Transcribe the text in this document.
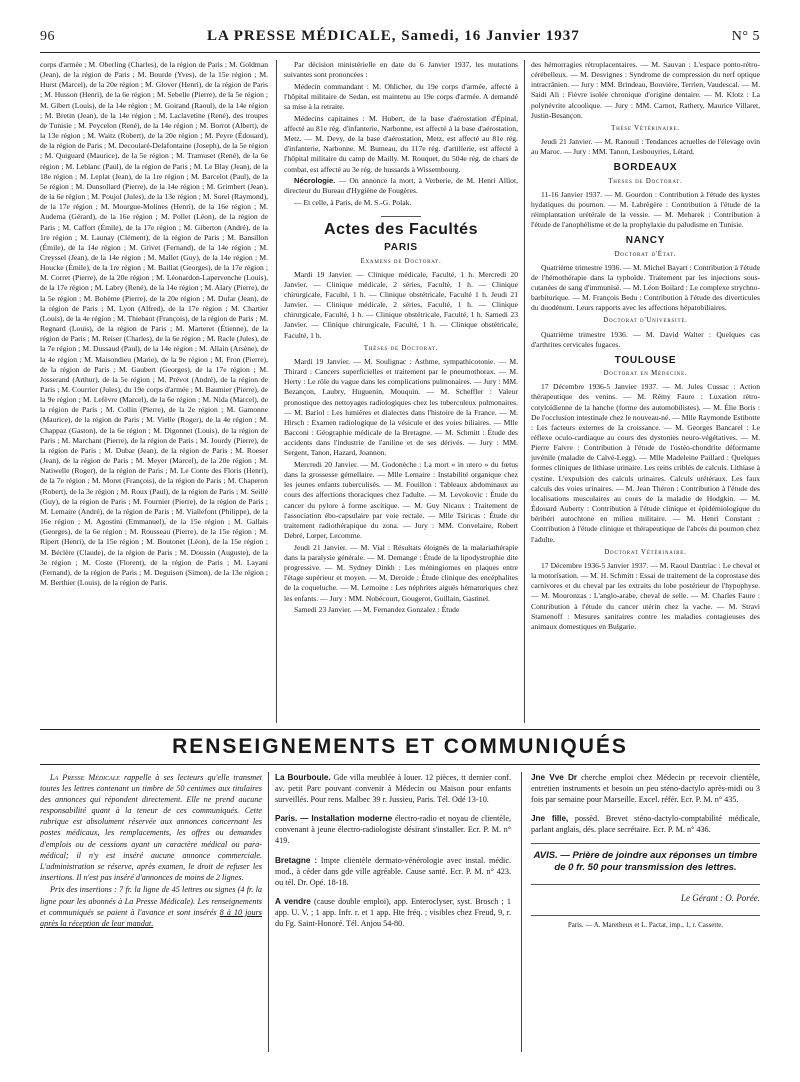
96	LA PRESSE MÉDICALE, Samedi, 16 Janvier 1937	N° 5

corps d'armée ; M. Oberling (Charles), de la région de Paris ; M. Goldman (Jean), de la région de Paris ; M. Bourde (Yves), de la 15e région ; M. Hurst (Marcel), de la 20e région ; M. Glover (Henri), de la région de Paris ; M. Husson (Henri), de la 6e région ; M. Sebelle (Pierre), de la 5e région ; M. Gibert (Louis), de la 14e région ; M. Goirand (Raoul), de la 14e région ; M. Bretin (Jean), de la 14e région ; M. Laclavetine (René), des troupes de Tunisie ; M. Peycelon (René), de la 14e région ; M. Borrot (Albert), de la 13e région ; M. Waitz (Robert), de la 20e région ; M. Peyre (Édouard), de la région de Paris ; M. Decoularé-Delafontaine (Joseph), de la 5e région ; M. Quiguard (Maurice), de la 5e région ; M. Tramuset (René), de la 6e région ; M. Leblanc (Paul), de la région de Paris ; M. Le Blay (Jean), de la 18e région ; M. Leplat (Jean), de la 1re région ; M. Barcelot (Paul), de la 5e région ; M. Dunsollard (Pierre), de la 14e région ; M. Grimbert (Jean), de la 6e région ; M. Poujol (Jules), de la 13e région ; M. Sorel (Raymond), de la 17e région ; M. Mourgue-Molines (Henri), de la 16e région ; M. Audema (Gérard), de la 16e région ; M. Pollet (Léon), de la région de Paris ; M. Caffort (Émile), de la 17e région ; M. Giberton (André), de la 1re région ; M. Launay (Clément), de la région de Paris ; M. Bansillon (Émile), de la 14e région ; M. Grivet (Fernand), de la 14e région ; M. Creyssel (Jean), de la 14e région ; M. Mallet (Guy), de la 14e région ; M. Houcke (Émile), de la 1re région ; M. Baillat (Georges), de la 17e région ; M. Corret (Pierre), de la 20e région ; M. Léonardon-Lapervenche (Louis), de la 17e région ; M. Labry (René), de la 14e région ; M. Alary (Pierre), de la 5e région ; M. Bohème (Pierre), de la 20e région ; M. Dufar (Jean), de la région de Paris ; M. Lyon (Alfred), de la 17e région ; M. Chartier (Louis), de la 4e région ; M. Thiebaut (François), de la région de Paris ; M. Regnard (Louis), de la région de Paris ; M. Marteret (Étienne), de la région de Paris ; M. Reiser (Charles), de la 6e région ; M. Racle (Jules), de la 7e région ; M. Dussaud (Paul), de la 14e région ; M. Allain (Arsène), de la 4e région ; M. Maisondieu (Marie), de la 9e région ; M. Fron (Pierre), de la région de Paris ; M. Gaubert (Georges), de la 17e région ; M. Josserand (Arthur), de la 5e région ; M. Prévot (André), de la région de Paris ; M. Courrier (Jules), du 19e corps d'armée ; M. Baumier (Pierre), de la 9e région ; M. Lefèvre (Marcel), de la 6e région ; M. Nida (Marcel), de la région de Paris ; M. Collin (Pierre), de la 2e région ; M. Gamonne (Maurice), de la région de Paris ; M. Vielle (Roger), de la 4e région ; M. Chappaz (Gaston), de la 6e région ; M. Digonnet (Louis), de la région de Paris ; M. Marchant (Pierre), de la région de Paris ; M. Jourdy (Pierre), de la région de Paris ; M. Dubar (Jean), de la région de Paris ; M. Roeser (Jean), de la région de Paris ; M. Meyer (Marcel), de la 20e région ; M. Natiwelle (Roger), de la région de Paris ; M. Le Conte des Floris (Henri), de la 7e région ; M. Moret (François), de la région de Paris ; M. Chaperon (Robert), de la 3e région ; M. Roux (Paul), de la région de Paris ; M. Seillé (Guy), de la région de Paris ; M. Fournier (Pierre), de la région de Paris ; M. Lemaire (André), de la région de Paris ; M. Viallefont (Philippe), de la 16e région ; M. Agostini (Emmanuel), de la 15e région ; M. Gallais (Georges), de la 6e région ; M. Rousseau (Pierre), de la 15e région ; M. Ripert (Henri), de la 15e région ; M. Boutonet (Léon), de la 15e région ; M. Béclère (Claude), de la région de Paris ; M. Doussin (Auguste), de la 3e région ; M. Coste (Florent), de la région de Paris ; M. Layani (Fernand), de la région de Paris ; M. Deguison (Simon), de la 13e région ; M. Berthier (Louis), de la région de Paris.

Par décision ministérielle en date du 6 Janvier 1937, les mutations suivantes sont prononcées :

Médecin commandant : M. Ohlicher, du 19e corps d'armée, affecté à l'hôpital militaire de Sedan, est maintenu au 19e corps d'armée. A demandé sa mise à la retraite.

Médecins capitaines : M. Hubert, de la base d'aérostation d'Épinal, affecté au 81e rég. d'infanterie, Narbonne, est affecté à la base d'aérostation, Metz. — M. Devy, de la base d'aérostation, Metz, est affecté au 81e rég. d'infanterie, Narbonne. M. Bumeau, du 117e rég. d'artillerie, est affecté à l'hôpital militaire du camp de Mailly. M. Rouquet, du 504e rég. de chars de combat, est affecté au 3e rég. de hussards à Wissembourg.

Nécrologie. — On annonce la mort, à Verberie, de M. Henri Alliot, directeur du Bureau d'Hygiène de Fougères.

— Et celle, à Paris, de M. S.-G. Polak.

Actes des Facultés
PARIS
Examens de Doctorat.

Mardi 19 Janvier. — Clinique médicale, Faculté, 1 h. Mercredi 20 Janvier. — Clinique médicale, 2 séries, Faculté, 1 h. — Clinique chirurgicale, Faculté, 1 h. — Clinique obstétricale, Faculté 1 h. Jeudi 21 Janvier. — Clinique médicale, 2 séries, Faculté, 1 h. — Clinique chirurgicale, Faculté, 1 h. — Clinique obstétricale, Faculté, 1 h. Samedi 23 Janvier. — Clinique chirurgicale, Faculté, 1 h. — Clinique obstétricale, Faculté, 1 h.

Thèses de Doctorat.

Mardi 19 Janvier. — M. Soulignac : Asthme, sympathicotonie. — M. Thirard : Cancers superficielles et traitement par le pneumothorax. — M. Herty : Le rôle du vague dans les complications pulmonaires. — Jury : MM. Bezançon, Laubry, Huguenin, Mouquin. — M. Scheffler : Valeur pronostique des nettoyages radiologiques chez les tuberculeux pulmonaires. — M. Bariol : Les lumières et dialectes dans l'histoire de la France. — M. Hirsch : Examen radiologique de la vésicule et des voies biliaires. — Mlle Bacconi : Géographie médicale de la Bretagne. — M. Schmitt : Étude des accidents dans l'industrie de l'aniline et de ses dérivés. — Jury : MM. Sergent, Tanon, Hazard, Joannon.

Mercredi 20 Janvier. — M. Godonèche : La mort « in utero » du fœtus dans la grossesse gémellaire. — Mlle Lemaire : Instabilité organique chez les jeunes enfants tuberculisés. — M. Fouillon : Tableaux abdominaux au cours des affections thoraciques chez l'adulte. — M. Levokovic : Étude du cancer du pylore à forme ascitique. — M. Guy Nicaux : Traitement de l'association ébo-capsulaire par voie rectale. — Mlle Tsiricas : Étude du traitement radiothérapique du zona. — Jury : MM. Convelaire, Robert Debré, Lœper, Lecomme.

Jeudi 21 Janvier. — M. Vial : Résultats éloignés de la malariathérapie dans la paralysie générale. — M. Demange : Étude de la lipodystrophie dite progressive. — M. Sydney Dinkh : Les méningiomes en plaques entre l'étage supérieur et moyen. — M. Deroide : Étude clinique des encéphalites de la coqueluche. — M. Lemoine : Les néphrites aiguës hématuriques chez les enfants. — Jury : MM. Nobécourt, Gougerot, Guillain, Gastinel.

Samedi 23 Janvier. — M. Fernandez Gonzalez : Étude

des hémorragies rétroplacentaires. — M. Sauvan : L'espace ponto-rétro-cérébelleux. — M. Desvignes : Syndrome de compression du nerf optique intracrânien. — Jury : MM. Brindeau, Bouvière, Terrien, Vaudescal. — M. Saidi Ali : Fièvre isolée chronique d'origine dentaire. — M. Klotz : La polynévrite alcoolique. — Jury : MM. Carnot, Rathery, Maurice Villaret, Justin-Besançon.

Thèse Vétérinaire.

Jeudi 21 Janvier. — M. Ranouil : Tendances actuelles de l'élevage ovin au Maroc. — Jury : MM. Tanon, Lesbouyries, Létard.

BORDEAUX
Thèses de Doctorat.

11-16 Janvier 1937. — M. Gourdon : Contribution à l'étude des kystes hydatiques du poumon. — M. Labrègère : Contribution à l'étude de la réimplantation urétérale de la vessie. — M. Mebarek : Contribution à l'étude de l'anophélisme et de la prophylaxie du paludisme en Tunisie.

NANCY
Doctorat d'État.

Quatrième trimestre 1936. — M. Michel Bayart : Contribution à l'étude de l'hémothérapie dans la typhoïde. Traitement par les injections sous-cutanées de sang d'immunisé. — M. Léon Boilard : Le complexe strychno-barbiturique. — M. François Bedu : Contribution à l'étude des diverticules du duodénum. Leurs rapports avec les affections hépatobiliaires.

Doctorat d'Université.

Quatrième trimestre 1936. — M. David Walter : Quelques cas d'arthrites cervicales fugaces.

TOULOUSE
Doctorat en Médecine.

17 Décembre 1936-5 Janvier 1937. — M. Jules Cussac : Action thérapeutique des venins. — M. Rémy Faure : Luxation rétro-cotyloïdienne de la hanche (forme des automobilistes). — M. Élie Boris : De l'occlusion intestinale chez le nouveau-né. — Mlle Raymonde Estibotte : Les facteurs externes de la croissance. — M. Georges Bancarel : Le réflexe oculo-cardiaque au cours des dystonies neuro-végétatives. — M. Pierre Faivre : Contribution à l'étude de l'ostéo-chondrite déformante juvénile (maladie de Calvé-Legg). — Mlle Madeleine Paillard : Quelques formes cliniques de lithiase urinaire. Les reins criblés de calculs. Lithiase à cystine. L'expulsion des calculs urinaires. Calculs urétéraux. Les faux calculs des voies urinaires. — M. Jean Théron : Contribution à l'étude des localisations musculaires au cours de la maladie de Hodgkin. — M. Édouard Auberty : Contribution à l'étude clinique et épidémiologique du béribéri autochtone en milieu militaire. — M. Henri Constant : Contribution à l'étude clinique et thérapeutique de l'abcès du poumon chez l'adulte.

Doctorat Vétérinaire.

17 Décembre 1936-5 Janvier 1937. — M. Raoul Dautriac : Le cheval et la motorisation. — M. H. Schmitt : Essai de traitement de la coprostase des carnivores et du cheval par les extraits du lobe postérieur de l'hypophyse. — M. Mouronzas : L'anglo-arabe, cheval de selle. — M. Charles Faure : Contribution à l'étude du cancer utérin chez la vache. — M. Stravi Stamenoff : Mesures sanitaires contre les maladies contagieuses des animaux domestiques en Bulgarie.

RENSEIGNEMENTS ET COMMUNIQUÉS

La Presse Médicale rappelle à ses lecteurs qu'elle transmet toutes les lettres contenant un timbre de 50 centimes aux titulaires des annonces qui répondent directement. Elle ne prend aucune responsabilité quant à la teneur de ces communiqués. Cette rubrique est absolument réservée aux annonces concernant les postes médicaux, les remplacements, les offres ou demandes d'emplois ou de cessions ayant un caractère médical ou para-médical; il n'y est inséré aucune annonce commerciale. L'administration se réserve, après examen, le droit de refuser les insertions. Il n'est pas inséré d'annonces de moins de 2 lignes.

Prix des insertions : 7 fr. la ligne de 45 lettres ou signes (4 fr. la ligne pour les abonnés à La Presse Médicale). Les renseignements et communiqués se paient à l'avance et sont insérés 8 à 10 jours après la réception de leur mandat.

La Bourboule. Gde villa meublée à louer. 12 pièces, tt dernier conf. av. petit Parc pouvant convenir à Médecin ou Maison pour enfants surveillés. Pour rens. Malbec 39 r. Jussieu, Paris. Tél. Odé 13-10.

Paris. — Installation moderne électro-radio et noyau de clientèle, convenant à jeune électro-radiologiste désirant s'installer. Ecr. P. M. n° 419.

Bretagne : Impte clientèle dermato-vénérologie avec instal. médic. mod., à céder dans gde ville agréable. Cause santé. Ecr. P. M. n° 423. ou tél. Dr. Opé. 18-18.

A vendre (cause double emploi), app. Enteroclyser, syst. Brosch ; 1 app. U. V. ; 1 app. Infr. r. et 1 app. Hte fréq. ; visibles chez Freud, 9, r. du Fg. Saint-Honoré. Tél. Anjou 54-80.

Jne Vve Dr cherche emploi chez Médecin pr recevoir clientèle, entretien instruments et besoin un peu sténo-dactylo après-midi ou 3 fois par semaine pour Marseille. Excel. référ. Ecr. P. M. n° 435.

Jne fille, possèd. Brevet sténo-dactylo-comptabilité médicale, parlant anglais, dés. place secrétaire. Ecr. P. M. n° 436.

AVIS. — Prière de joindre aux réponses un timbre de 0 fr. 50 pour transmission des lettres.
Le Gérant : O. Porée.
Paris. — A. Maretheux et L. Pactat, imp., 1, r. Cassette.
